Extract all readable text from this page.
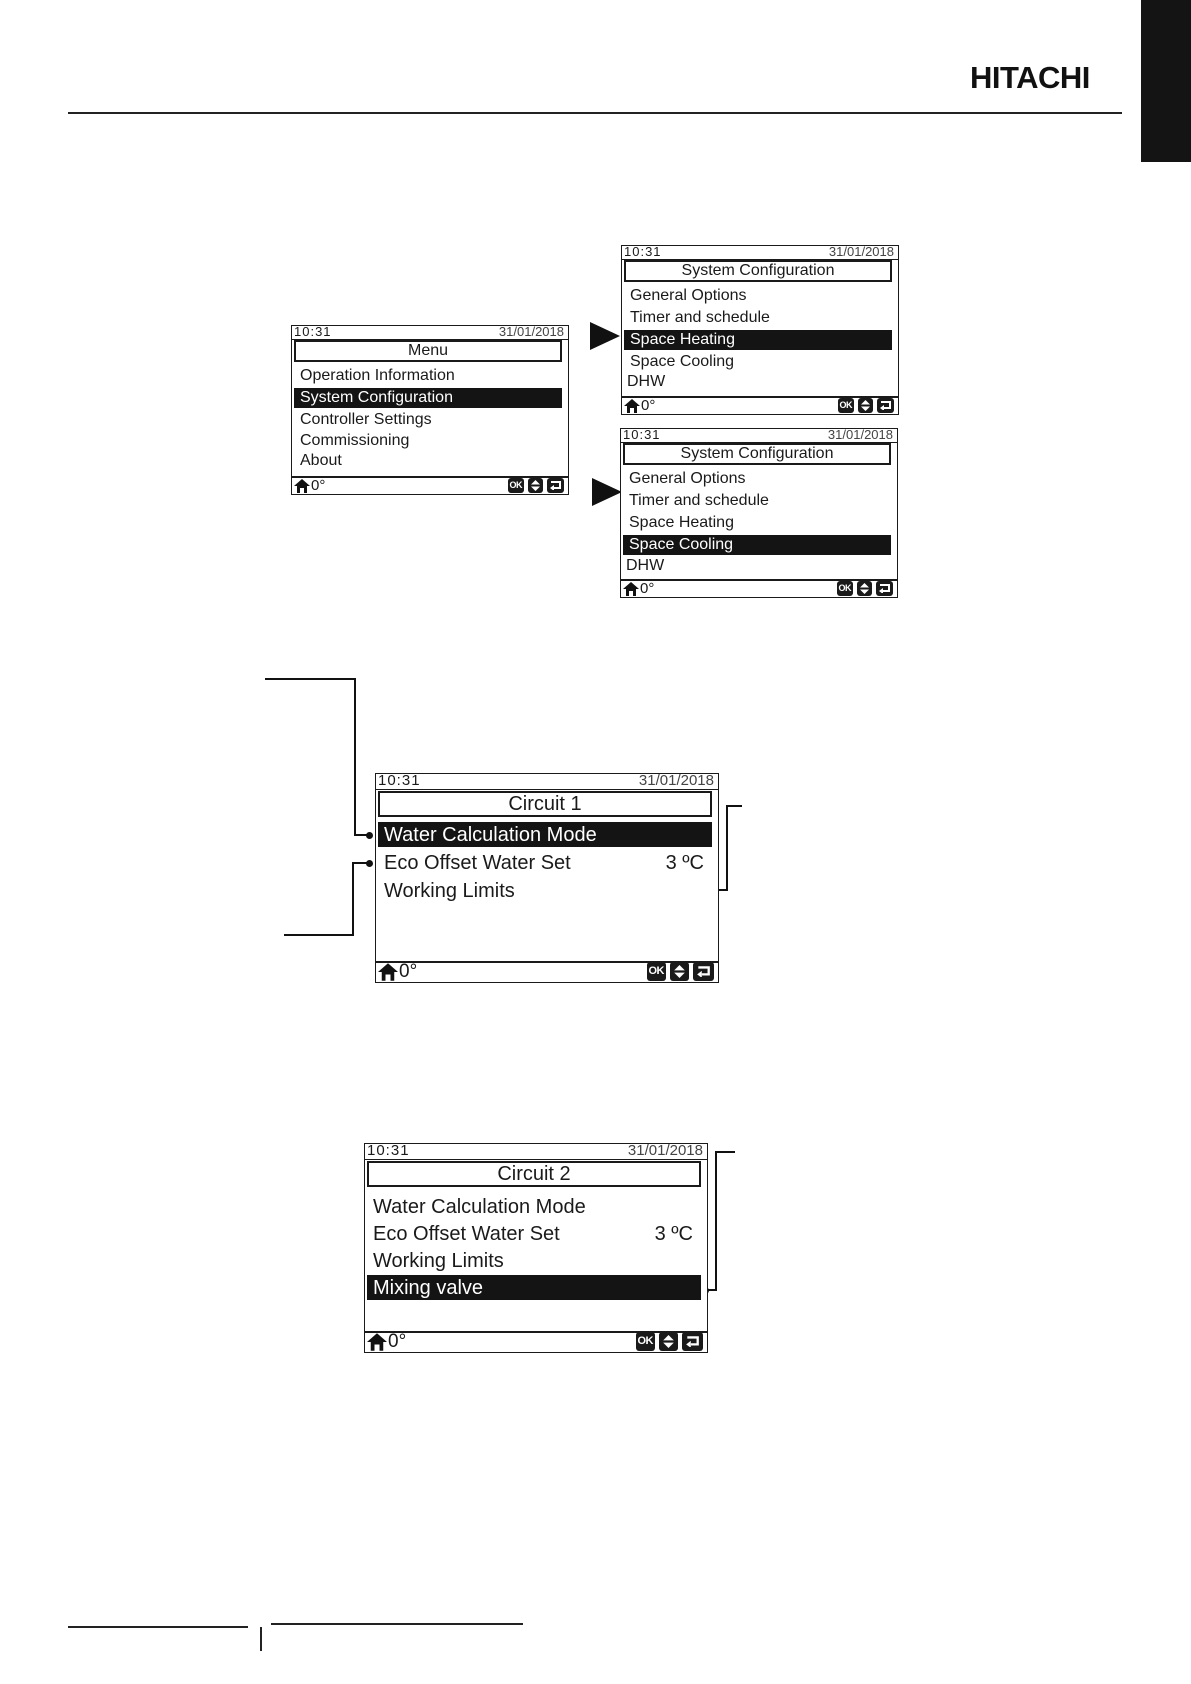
HITACHI
10:31	31/01/2018
Menu
Operation Information
System Configuration
Controller Settings
Commissioning
About
0°	OK
10:31	31/01/2018
System Configuration
General Options
Timer and schedule
Space Heating
Space Cooling
DHW
0°	OK
10:31	31/01/2018
System Configuration
General Options
Timer and schedule
Space Heating
Space Cooling
DHW
0°	OK
10:31	31/01/2018
Circuit 1
Water Calculation Mode
Eco Offset Water Set	3 ºC
Working Limits
0°	OK
10:31	31/01/2018
Circuit 2
Water Calculation Mode
Eco Offset Water Set	3 ºC
Working Limits
Mixing valve
0°	OK
